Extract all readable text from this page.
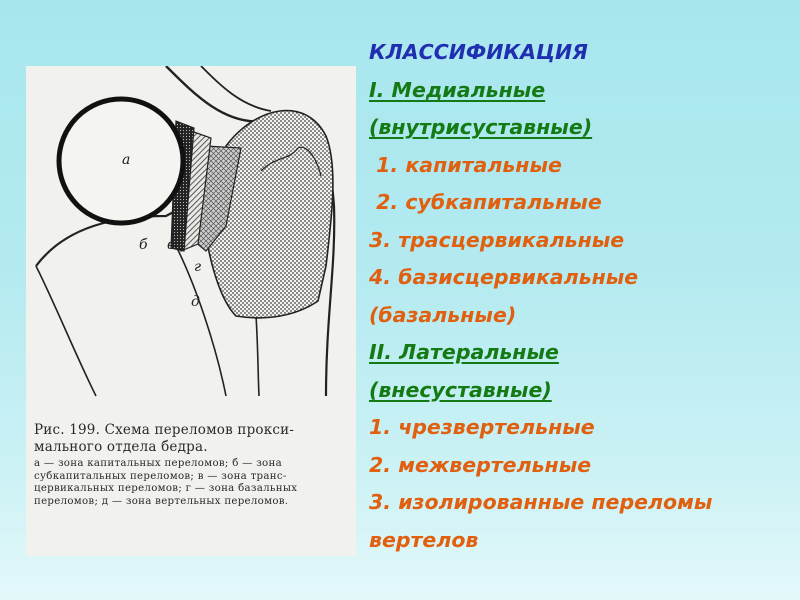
а
б в
г
д
Рис. 199. Схема переломов прокси-мального отдела бедра.
а — зона капитальных переломов; б — зона субкапитальных переломов; в — зона транс-цервикальных переломов; г — зона базальных переломов; д — зона вертельных переломов.
КЛАССИФИКАЦИЯ
I. Медиальные
(внутрисуставные)
1. капитальные
2. субкапитальные
3. трасцервикальные
4. базисцервикальные
(базальные)
II. Латеральные
(внесуставные)
1. чрезвертельные
2. межвертельные
3. изолированные переломы
вертелов
